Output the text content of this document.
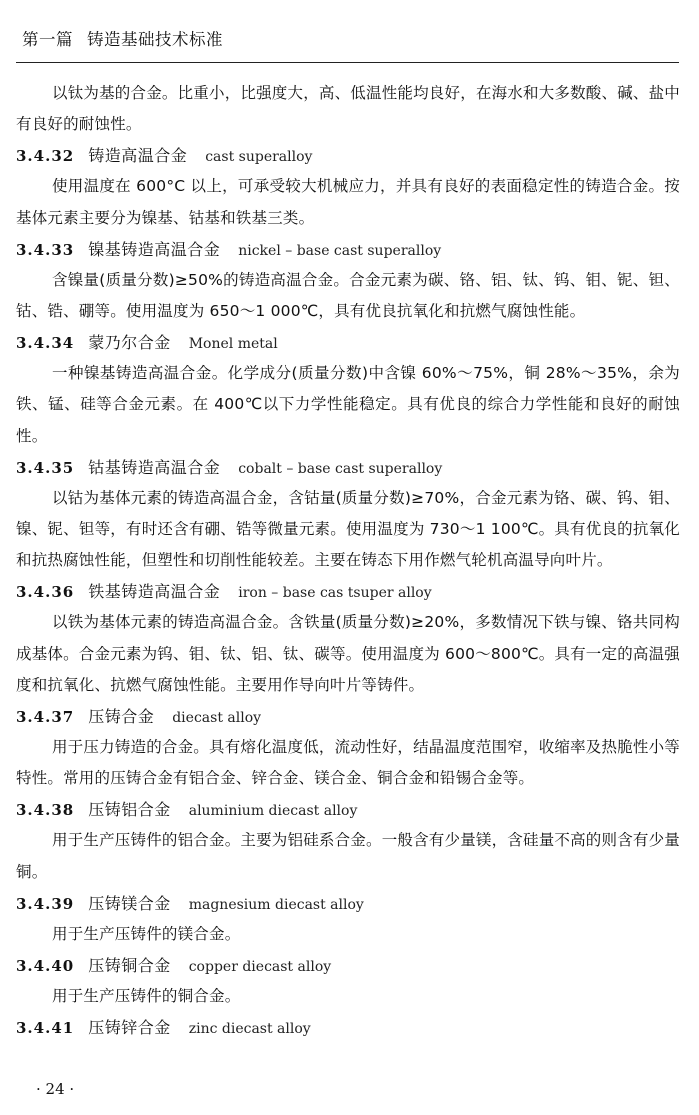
第一篇 铸造基础技术标准
以钛为基的合金。比重小，比强度大，高、低温性能均良好，在海水和大多数酸、碱、盐中有良好的耐蚀性。
3.4.32 铸造高温合金 cast superalloy
使用温度在 600°C 以上，可承受较大机械应力，并具有良好的表面稳定性的铸造合金。按基体元素主要分为镍基、钴基和铁基三类。
3.4.33 镍基铸造高温合金 nickel – base cast superalloy
含镍量(质量分数)≥50%的铸造高温合金。合金元素为碳、铬、铝、钛、钨、钼、铌、钽、钴、锆、硼等。使用温度为 650～1 000℃，具有优良抗氧化和抗燃气腐蚀性能。
3.4.34 蒙乃尔合金 Monel metal
一种镍基铸造高温合金。化学成分(质量分数)中含镍 60%～75%，铜 28%～35%，余为铁、锰、硅等合金元素。在 400℃以下力学性能稳定。具有优良的综合力学性能和良好的耐蚀性。
3.4.35 钴基铸造高温合金 cobalt – base cast superalloy
以钴为基体元素的铸造高温合金，含钴量(质量分数)≥70%，合金元素为铬、碳、钨、钼、镍、铌、钽等，有时还含有硼、锆等微量元素。使用温度为 730～1 100℃。具有优良的抗氧化和抗热腐蚀性能，但塑性和切削性能较差。主要在铸态下用作燃气轮机高温导向叶片。
3.4.36 铁基铸造高温合金 iron – base cas tsuper alloy
以铁为基体元素的铸造高温合金。含铁量(质量分数)≥20%，多数情况下铁与镍、铬共同构成基体。合金元素为钨、钼、钛、铝、钛、碳等。使用温度为 600～800℃。具有一定的高温强度和抗氧化、抗燃气腐蚀性能。主要用作导向叶片等铸件。
3.4.37 压铸合金 diecast alloy
用于压力铸造的合金。具有熔化温度低，流动性好，结晶温度范围窄，收缩率及热脆性小等特性。常用的压铸合金有铝合金、锌合金、镁合金、铜合金和铅锡合金等。
3.4.38 压铸铝合金 aluminium diecast alloy
用于生产压铸件的铝合金。主要为铝硅系合金。一般含有少量镁，含硅量不高的则含有少量铜。
3.4.39 压铸镁合金 magnesium diecast alloy
用于生产压铸件的镁合金。
3.4.40 压铸铜合金 copper diecast alloy
用于生产压铸件的铜合金。
3.4.41 压铸锌合金 zinc diecast alloy
· 24 ·
